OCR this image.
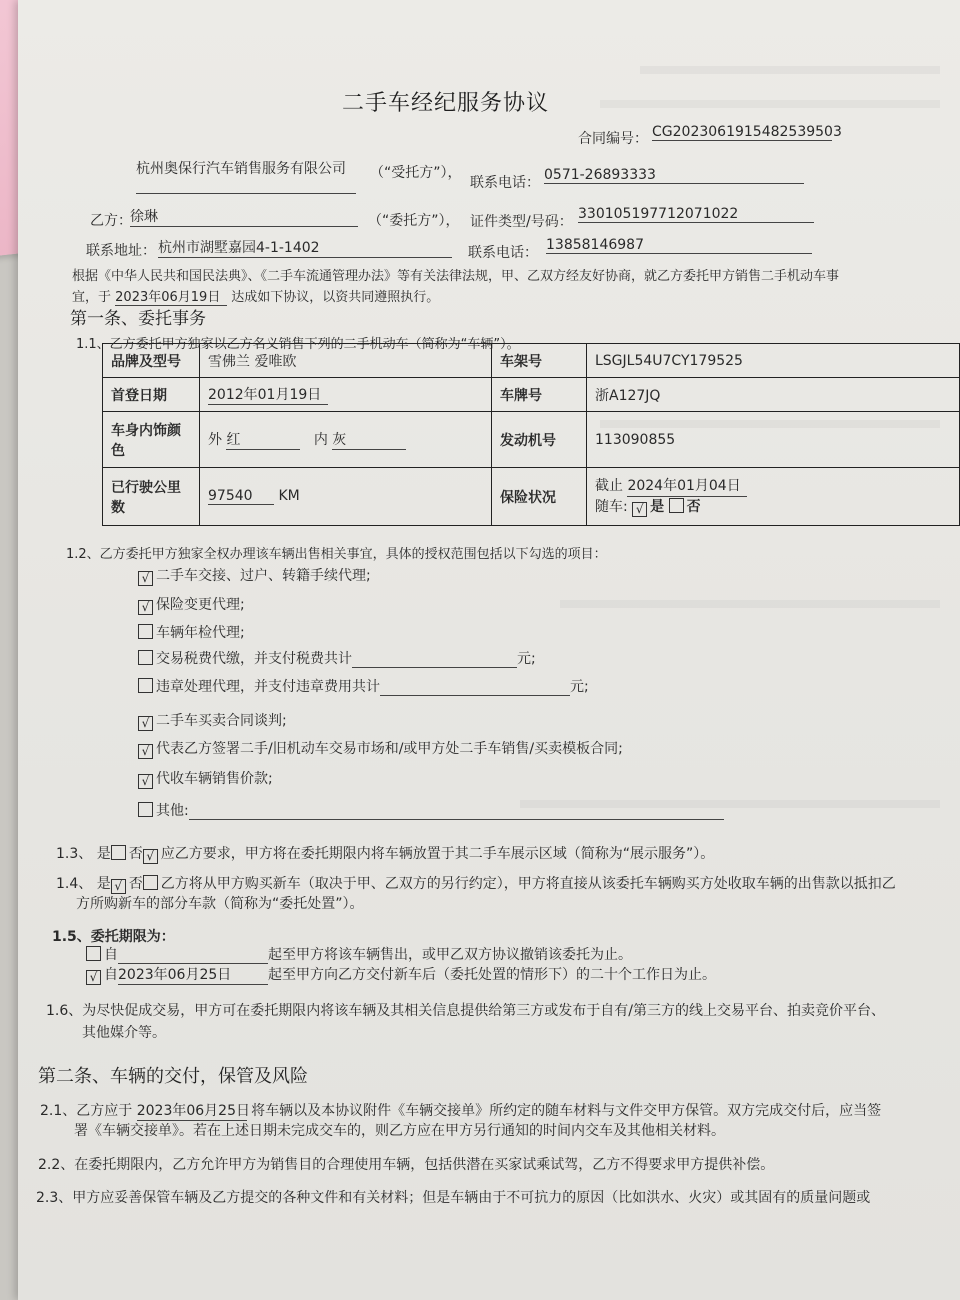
二手车经纪服务协议
合同编号： CG20230619154825395​03
杭州奥保行汽车销售服务有限公司	（“受托方”），
联系电话： 0571-26893333
乙方：
徐琳	（“委托方”）， 证件类型/号码： 330105197712071022
联系地址： 杭州市湖墅嘉园4-1-1402	联系电话： 13858146987
根据《中华人民共和国民法典》、《二手车流通管理办法》等有关法律法规，甲、乙双方经友好协商，就乙方委托甲方销售二手机动车事
宜，于 2023年06月19日 达成如下协议，以资共同遵照执行。
第一条、委托事务
1.1、乙方委托甲方独家以乙方名义销售下列的二手机动车（简称为“车辆”）。
品牌及型号	雪佛兰 爱唯欧	车架号	LSGJL54U7CY179525
首登日期	2012年01月19日	车牌号	浙A127JQ
车身内饰颜色	外 红 内 灰	发动机号	113090855
已行驶公里数	97540 KM	保险状况	截止 2024年01月04日
随车: √ 是 否
1.2、乙方委托甲方独家全权办理该车辆出售相关事宜，具体的授权范围包括以下勾选的项目：
√ 二手车交接、过户、转籍手续代理;
√ 保险变更代理;
车辆年检代理;
交易税费代缴，并支付税费共计	元;
违章处理代理，并支付违章费用共计	元;
√ 二手车买卖合同谈判;
√ 代表乙方签署二手/旧机动车交易市场和/或甲方处二手车销售/买卖模板合同;
√ 代收车辆销售价款;
其他:
1.3、 是 否 √ 应乙方要求，甲方将在委托期限内将车辆放置于其二手车展示区域（简称为“展示服务”）。
1.4、 是 √ 否 乙方将从甲方购买新车（取决于甲、乙双方的另行约定），甲方将直接从该委托车辆购买方处收取车辆的出售款以抵扣乙
方所购新车的部分车款（简称为“委托处置”）。
1.5、委托期限为：
自	起至甲方将该车辆售出，或甲乙双方协议撤销该委托为止。
√ 自2023年06月25日	起至甲方向乙方交付新车后（委托处置的情形下）的二十个工作日为止。
1.6、为尽快促成交易，甲方可在委托期限内将该车辆及其相关信息提供给第三方或发布于自有/第三方的线上交易平台、拍卖竞价平台、
其他媒介等。
第二条、车辆的交付，保管及风险
2.1、乙方应于 2023年06月25日 将车辆以及本协议附件《车辆交接单》所约定的随车材料与文件交甲方保管。双方完成交付后，应当签
署《车辆交接单》。若在上述日期未完成交车的，则乙方应在甲方另行通知的时间内交车及其他相关材料。
2.2、在委托期限内，乙方允许甲方为销售目的合理使用车辆，包括供潜在买家试乘试驾，乙方不得要求甲方提供补偿。
2.3、甲方应妥善保管车辆及乙方提交的各种文件和有关材料；但是车辆由于不可抗力的原因（比如洪水、火灾）或其固有的质量问题或
